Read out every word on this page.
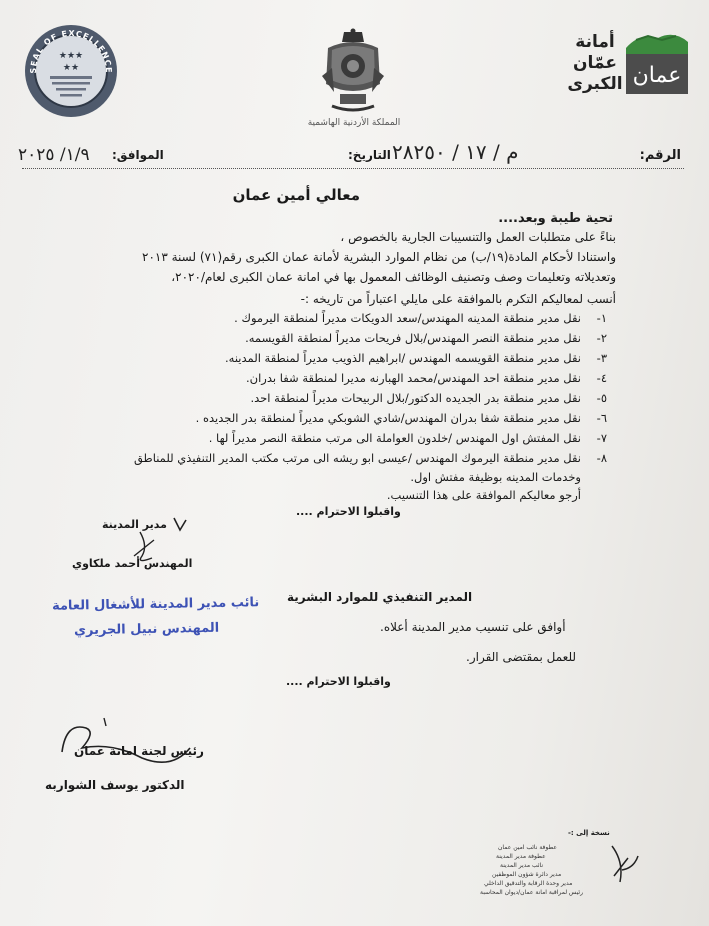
عمان
أمانة عمّان الكبرى
المملكة الأردنية الهاشمية
SEAL OF EXCELLENCE
★★★
★★
الرقم:
م / ١٧ / ٢٨٢٥٠
التاريخ:
الموافق:
١/٩/ ٢٠٢٥
معالي أمين عمان
تحية طيبة وبعد....
بناءً على متطلبات العمل والتنسيبات الجارية بالخصوص ،
واستنادا لأحكام المادة(١٩/ب) من نظام الموارد البشرية لأمانة عمان الكبرى رقم(٧١) لسنة ٢٠١٣
وتعديلاته وتعليمات وصف وتصنيف الوظائف المعمول بها في امانة عمان الكبرى لعام/٢٠٢٠،
أنسب لمعاليكم التكرم بالموافقة على مايلي اعتباراً من تاريخه :-
١-
نقل مدير منطقة المدينه المهندس/سعد الدويكات مديراً لمنطقة اليرموك .
٢-
نقل مدير منطقة النصر المهندس/بلال فريحات مديراً لمنطقة القويسمه.
٣-
نقل مدير منطقة القويسمه المهندس /ابراهيم الذويب مديراً لمنطقة المدينه.
٤-
نقل مدير منطقة احد المهندس/محمد الهبارنه مديرا لمنطقة شفا بدران.
٥-
نقل مدير منطقة بدر الجديده الدكتور/بلال الربيحات مديراً لمنطقة احد.
٦-
نقل مدير منطقة شفا بدران المهندس/شادي الشوبكي مديراً لمنطقة بدر الجديده .
٧-
نقل المفتش اول المهندس /خلدون العواملة الى مرتب منطقة النصر مديراً لها .
٨-
نقل مدير منطقة اليرموك المهندس /عيسى ابو ريشه الى مرتب مكتب المدير التنفيذي للمناطق
وخدمات المدينه بوظيفة مفتش اول.
أرجو معاليكم الموافقة على هذا التنسيب.
واقبلوا الاحترام ....
مدير المدينة
المهندس أحمد ملكاوي
نائب مدير المدينة للأشغال العامة
المهندس نبيل الجريري
المدير التنفيذي للموارد البشرية
أوافق على تنسيب مدير المدينة أعلاه.
للعمل بمقتضى القرار.
واقبلوا الاحترام ....
رئيس لجنة امانة عمان
الدكتور يوسف الشواربه
نسخة إلى :-
عطوفة نائب امين عمان
عطوفة مدير المدينة
نائب مدير المدينة
مدير دائرة شؤون الموظفين
مدير وحدة الرقابة والتدقيق الداخلي
رئيس لمراقبة امانة عمان/ديوان المحاسبة
